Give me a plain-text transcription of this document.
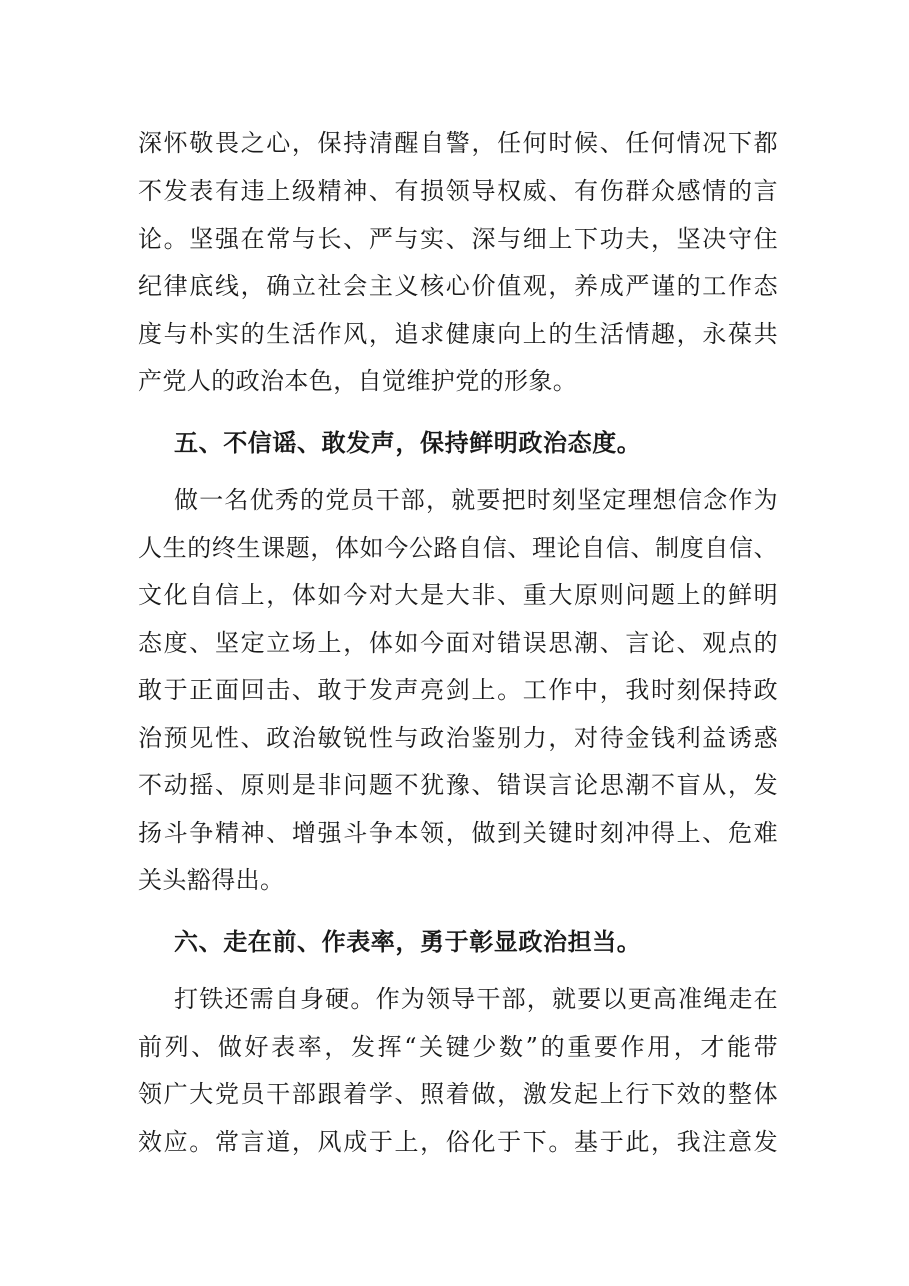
深怀敬畏之心，保持清醒自警，任何时候、任何情况下都
不发表有违上级精神、有损领导权威、有伤群众感情的言
论。坚强在常与长、严与实、深与细上下功夫，坚决守住
纪律底线，确立社会主义核心价值观，养成严谨的工作态
度与朴实的生活作风，追求健康向上的生活情趣，永葆共
产党人的政治本色，自觉维护党的形象。
五、不信谣、敢发声，保持鲜明政治态度。
做一名优秀的党员干部，就要把时刻坚定理想信念作为
人生的终生课题，体如今公路自信、理论自信、制度自信、
文化自信上，体如今对大是大非、重大原则问题上的鲜明
态度、坚定立场上，体如今面对错误思潮、言论、观点的
敢于正面回击、敢于发声亮剑上。工作中，我时刻保持政
治预见性、政治敏锐性与政治鉴别力，对待金钱利益诱惑
不动摇、原则是非问题不犹豫、错误言论思潮不盲从，发
扬斗争精神、增强斗争本领，做到关键时刻冲得上、危难
关头豁得出。
六、走在前、作表率，勇于彰显政治担当。
打铁还需自身硬。作为领导干部，就要以更高准绳走在
前列、做好表率，发挥“关键少数”的重要作用，才能带
领广大党员干部跟着学、照着做，激发起上行下效的整体
效应。常言道，风成于上，俗化于下。基于此，我注意发
